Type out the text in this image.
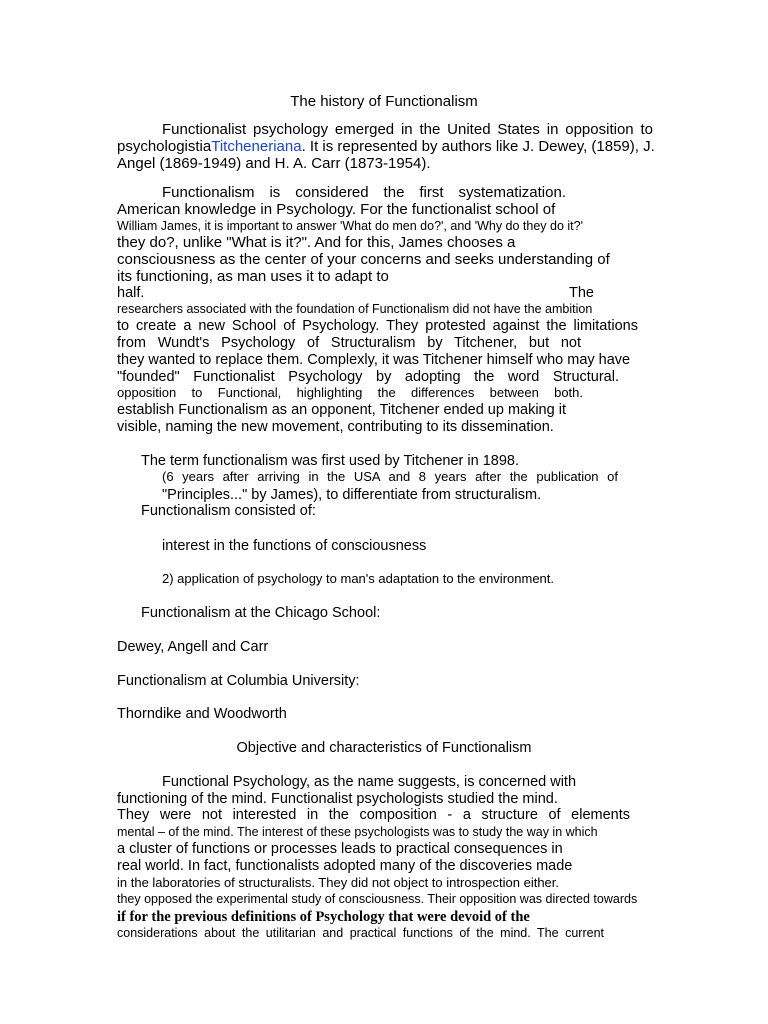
The history of Functionalism
Functionalist psychology emerged in the United States in opposition to
psychologistiaTitcheneriana. It is represented by authors like J. Dewey, (1859), J.
Angel (1869-1949) and H. A. Carr (1873-1954).
Functionalism is considered the first systematization.
American knowledge in Psychology. For the functionalist school of
William James, it is important to answer 'What do men do?', and 'Why do they do it?'
they do?, unlike "What is it?". And for this, James chooses a
consciousness as the center of your concerns and seeks understanding of
its functioning, as man uses it to adapt to
half.	The
researchers associated with the foundation of Functionalism did not have the ambition
to create a new School of Psychology. They protested against the limitations
from Wundt's Psychology of Structuralism by Titchener, but not
they wanted to replace them. Complexly, it was Titchener himself who may have
"founded" Functionalist Psychology by adopting the word Structural.
opposition to Functional, highlighting the differences between both.
establish Functionalism as an opponent, Titchener ended up making it
visible, naming the new movement, contributing to its dissemination.
The term functionalism was first used by Titchener in 1898.
(6 years after arriving in the USA and 8 years after the publication of
"Principles..." by James), to differentiate from structuralism.
Functionalism consisted of:
interest in the functions of consciousness
2) application of psychology to man's adaptation to the environment.
Functionalism at the Chicago School:
Dewey, Angell and Carr
Functionalism at Columbia University:
Thorndike and Woodworth
Objective and characteristics of Functionalism
Functional Psychology, as the name suggests, is concerned with
functioning of the mind. Functionalist psychologists studied the mind.
They were not interested in the composition - a structure of elements
mental – of the mind. The interest of these psychologists was to study the way in which
a cluster of functions or processes leads to practical consequences in
real world. In fact, functionalists adopted many of the discoveries made
in the laboratories of structuralists. They did not object to introspection either.
they opposed the experimental study of consciousness. Their opposition was directed towards
if for the previous definitions of Psychology that were devoid of the
considerations about the utilitarian and practical functions of the mind. The current
